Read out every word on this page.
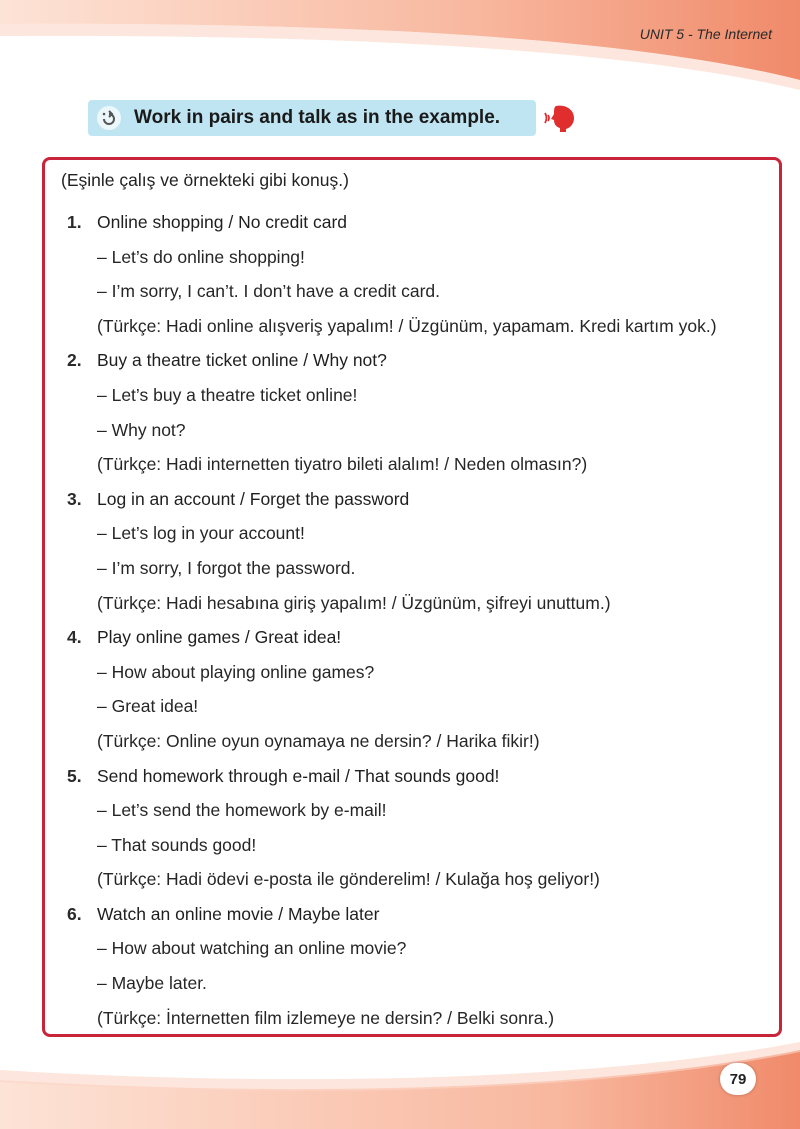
UNIT 5 - The Internet
Work in pairs and talk as in the example.
(Eşinle çalış ve örnekteki gibi konuş.)
1. Online shopping / No credit card
– Let’s do online shopping!
– I’m sorry, I can’t. I don’t have a credit card.
(Türkçe: Hadi online alışveriş yapalım! / Üzgünüm, yapamam. Kredi kartım yok.)
2. Buy a theatre ticket online / Why not?
– Let’s buy a theatre ticket online!
– Why not?
(Türkçe: Hadi internetten tiyatro bileti alalım! / Neden olmasın?)
3. Log in an account / Forget the password
– Let’s log in your account!
– I’m sorry, I forgot the password.
(Türkçe: Hadi hesabına giriş yapalım! / Üzgünüm, şifreyi unuttum.)
4. Play online games / Great idea!
– How about playing online games?
– Great idea!
(Türkçe: Online oyun oynamaya ne dersin? / Harika fikir!)
5. Send homework through e-mail / That sounds good!
– Let’s send the homework by e-mail!
– That sounds good!
(Türkçe: Hadi ödevi e-posta ile gönderelim! / Kulağa hoş geliyor!)
6. Watch an online movie / Maybe later
– How about watching an online movie?
– Maybe later.
(Türkçe: İnternetten film izlemeye ne dersin? / Belki sonra.)
79
